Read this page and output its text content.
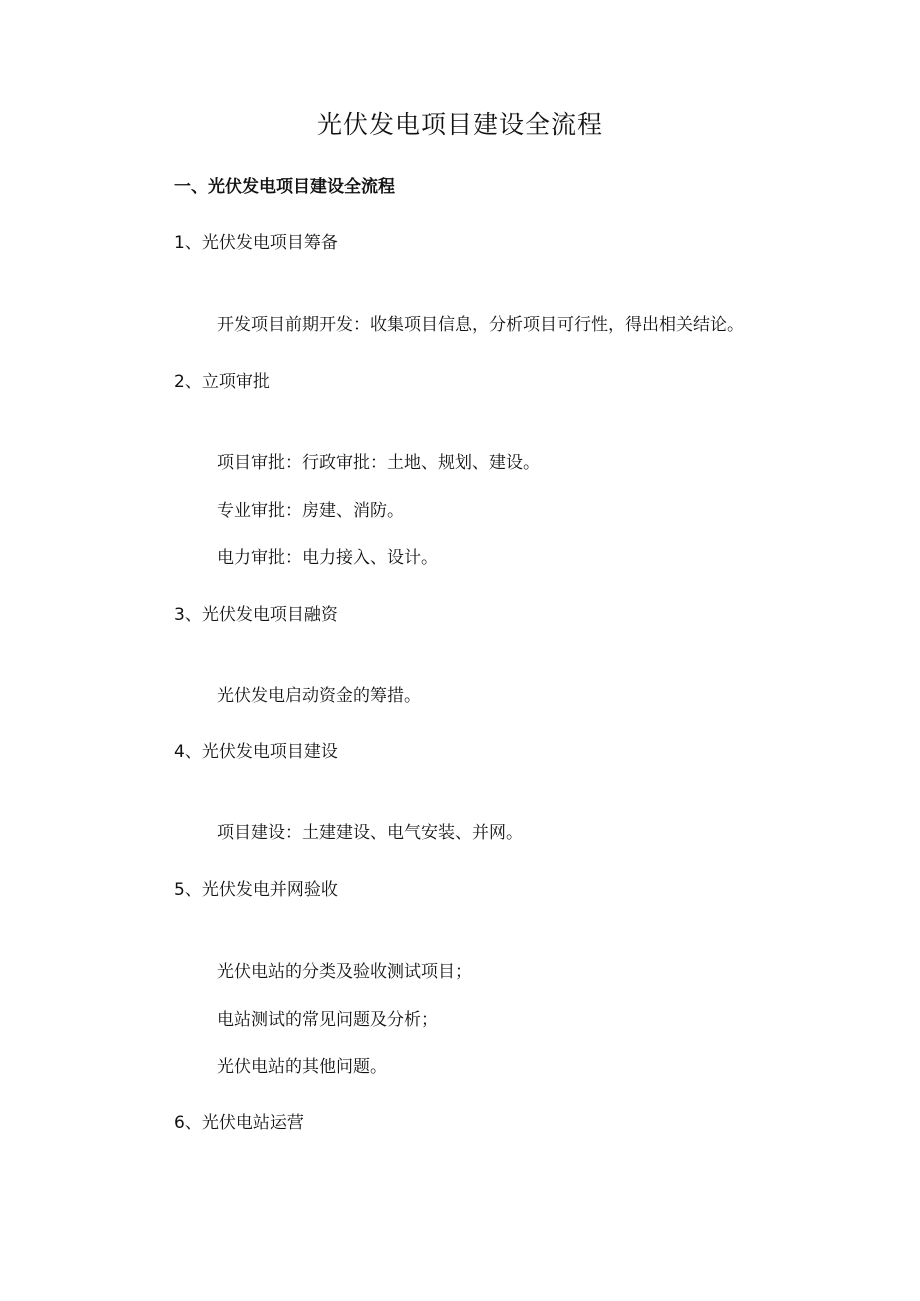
光伏发电项目建设全流程
一、光伏发电项目建设全流程
1、光伏发电项目筹备
开发项目前期开发：收集项目信息，分析项目可行性，得出相关结论。
2、立项审批
项目审批：行政审批：土地、规划、建设。
专业审批：房建、消防。
电力审批：电力接入、设计。
3、光伏发电项目融资
光伏发电启动资金的筹措。
4、光伏发电项目建设
项目建设：土建建设、电气安装、并网。
5、光伏发电并网验收
光伏电站的分类及验收测试项目；
电站测试的常见问题及分析；
光伏电站的其他问题。
6、光伏电站运营
